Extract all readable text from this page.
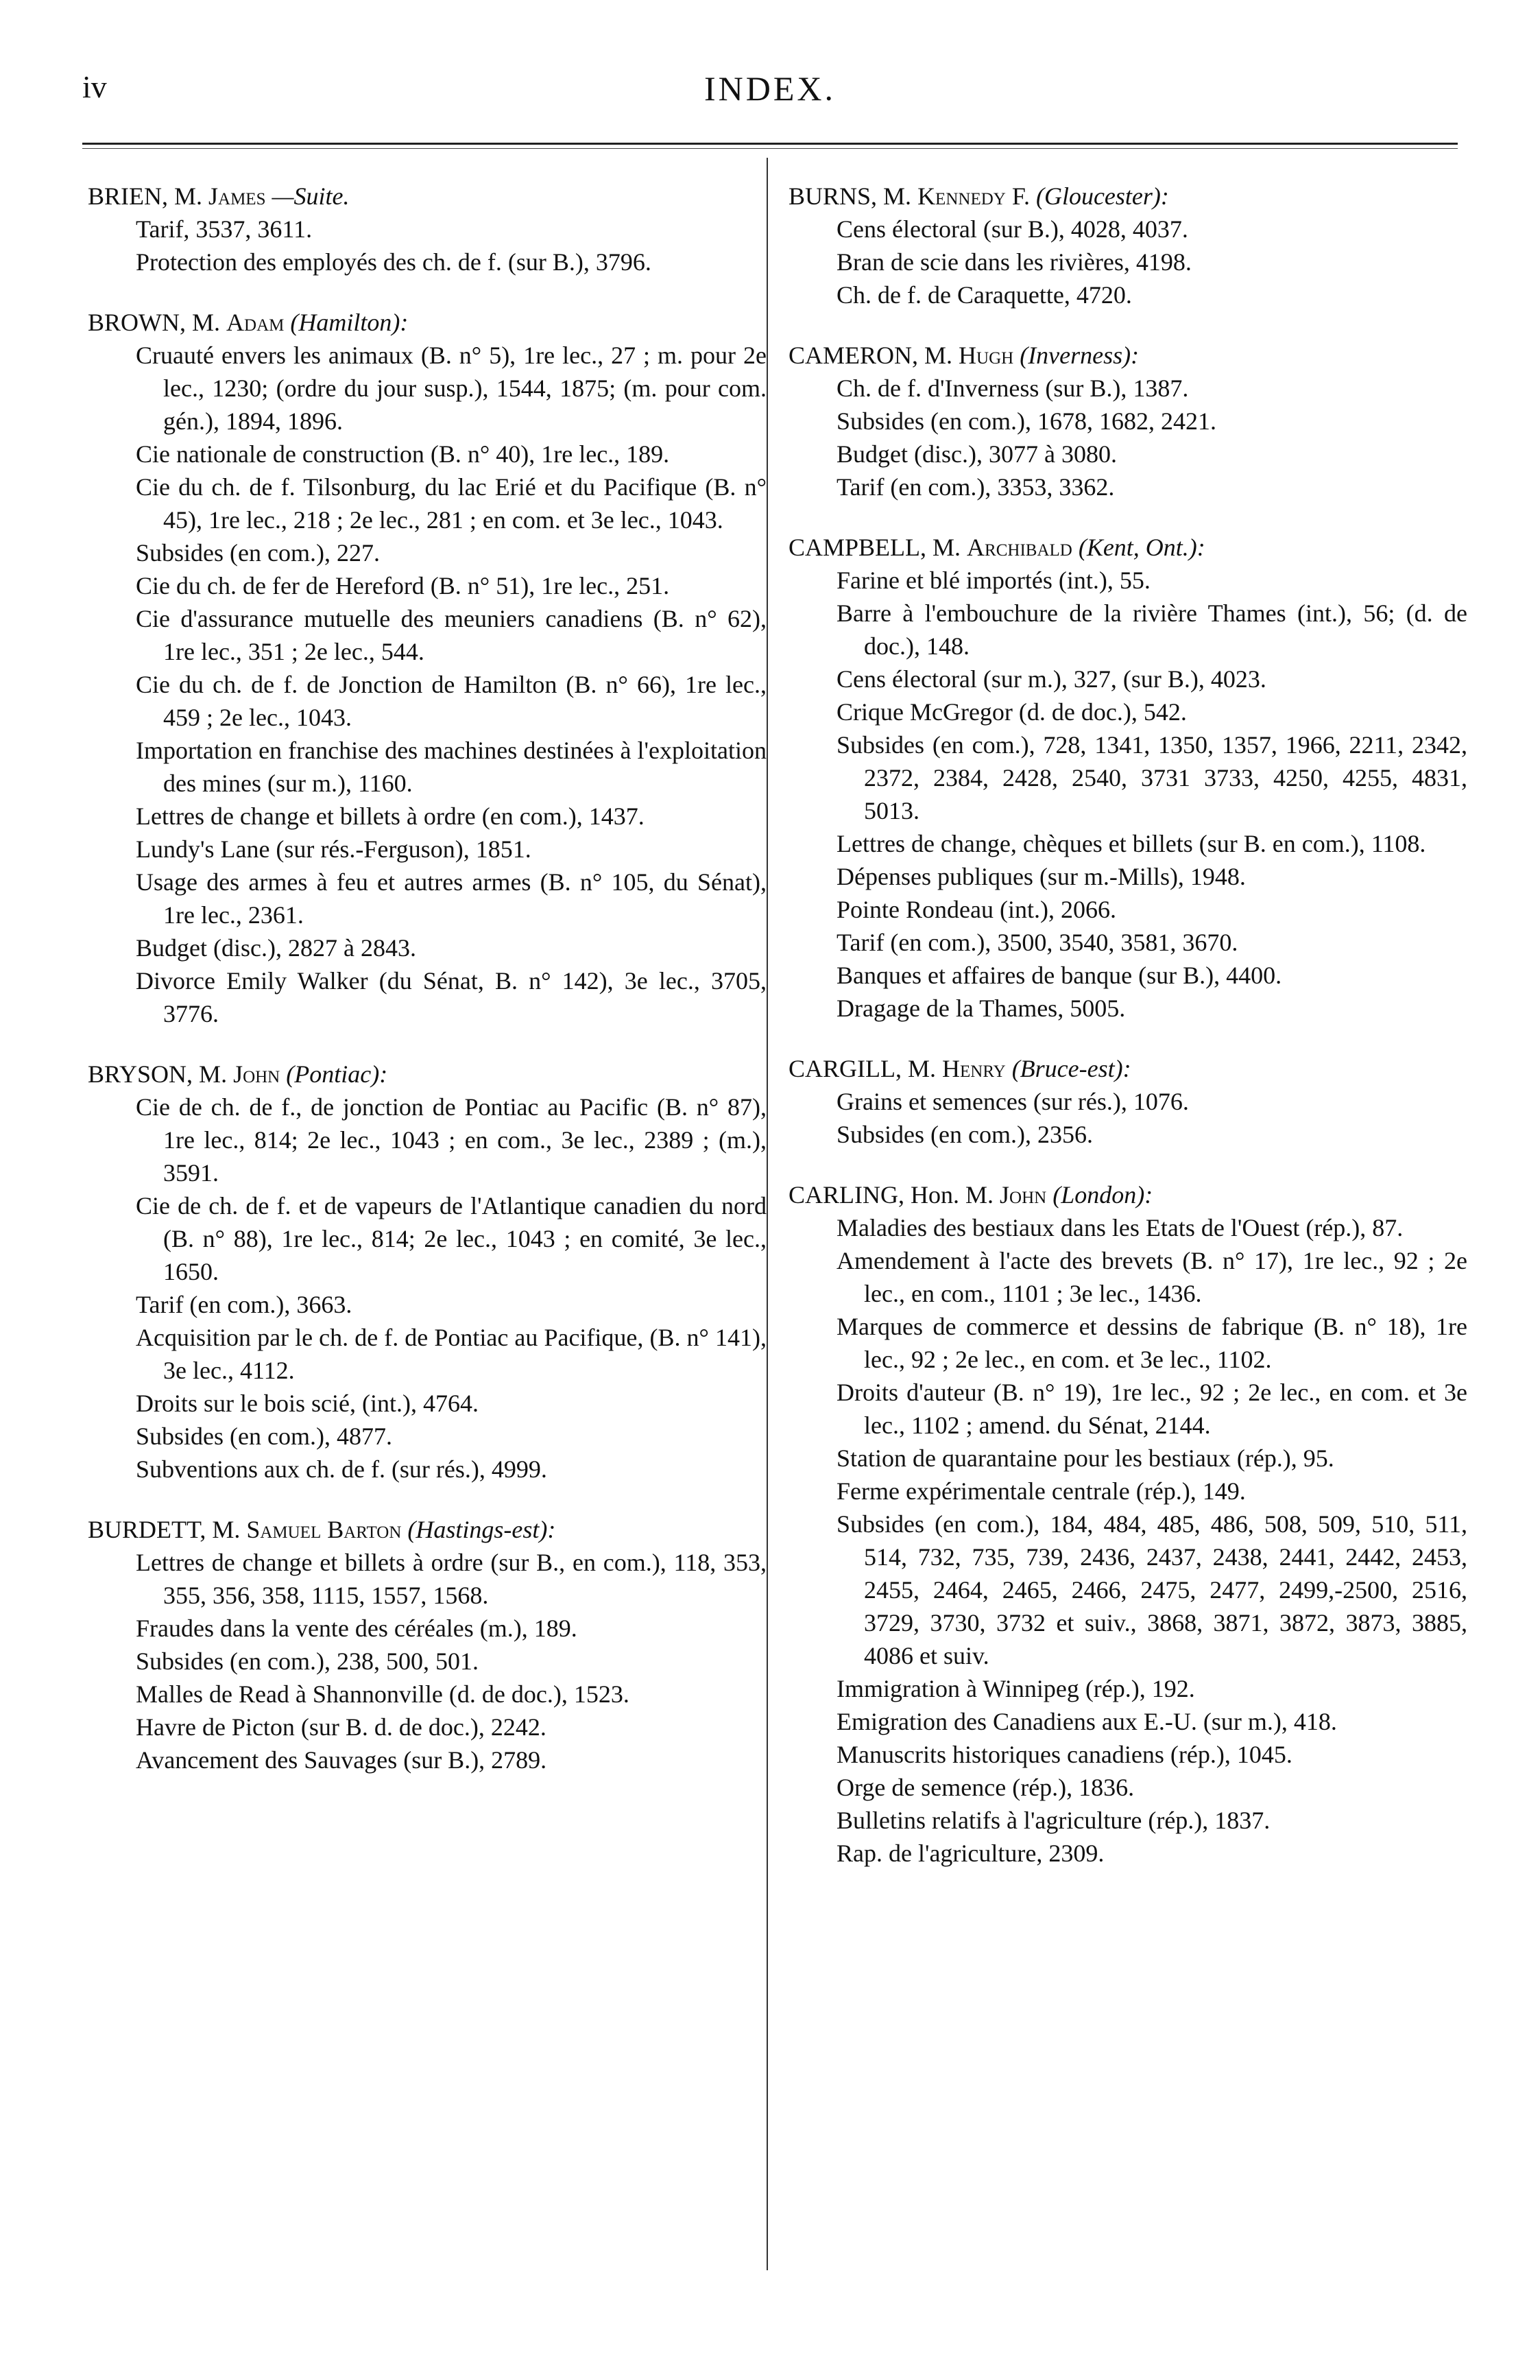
iv	INDEX.
BRIEN, M. James —Suite.
Tarif, 3537, 3611.
Protection des employés des ch. de f. (sur B.), 3796.
BROWN, M. Adam (Hamilton):
Cruauté envers les animaux (B. n° 5), 1re lec., 27 ; m. pour 2e lec., 1230; (ordre du jour susp.), 1544, 1875; (m. pour com. gén.), 1894, 1896.
Cie nationale de construction (B. n° 40), 1re lec., 189.
Cie du ch. de f. Tilsonburg, du lac Erié et du Pacifique (B. n° 45), 1re lec., 218 ; 2e lec., 281 ; en com. et 3e lec., 1043.
Subsides (en com.), 227.
Cie du ch. de fer de Hereford (B. n° 51), 1re lec., 251.
Cie d'assurance mutuelle des meuniers canadiens (B. n° 62), 1re lec., 351 ; 2e lec., 544.
Cie du ch. de f. de Jonction de Hamilton (B. n° 66), 1re lec., 459 ; 2e lec., 1043.
Importation en franchise des machines destinées à l'exploitation des mines (sur m.), 1160.
Lettres de change et billets à ordre (en com.), 1437.
Lundy's Lane (sur rés.-Ferguson), 1851.
Usage des armes à feu et autres armes (B. n° 105, du Sénat), 1re lec., 2361.
Budget (disc.), 2827 à 2843.
Divorce Emily Walker (du Sénat, B. n° 142), 3e lec., 3705, 3776.
BRYSON, M. John (Pontiac):
Cie de ch. de f., de jonction de Pontiac au Pacific (B. n° 87), 1re lec., 814; 2e lec., 1043 ; en com., 3e lec., 2389 ; (m.), 3591.
Cie de ch. de f. et de vapeurs de l'Atlantique canadien du nord (B. n° 88), 1re lec., 814; 2e lec., 1043 ; en comité, 3e lec., 1650.
Tarif (en com.), 3663.
Acquisition par le ch. de f. de Pontiac au Pacifique, (B. n° 141), 3e lec., 4112.
Droits sur le bois scié, (int.), 4764.
Subsides (en com.), 4877.
Subventions aux ch. de f. (sur rés.), 4999.
BURDETT, M. Samuel Barton (Hastings-est):
Lettres de change et billets à ordre (sur B., en com.), 118, 353, 355, 356, 358, 1115, 1557, 1568.
Fraudes dans la vente des céréales (m.), 189.
Subsides (en com.), 238, 500, 501.
Malles de Read à Shannonville (d. de doc.), 1523.
Havre de Picton (sur B. d. de doc.), 2242.
Avancement des Sauvages (sur B.), 2789.
BURNS, M. Kennedy F. (Gloucester):
Cens électoral (sur B.), 4028, 4037.
Bran de scie dans les rivières, 4198.
Ch. de f. de Caraquette, 4720.
CAMERON, M. Hugh (Inverness):
Ch. de f. d'Inverness (sur B.), 1387.
Subsides (en com.), 1678, 1682, 2421.
Budget (disc.), 3077 à 3080.
Tarif (en com.), 3353, 3362.
CAMPBELL, M. Archibald (Kent, Ont.):
Farine et blé importés (int.), 55.
Barre à l'embouchure de la rivière Thames (int.), 56; (d. de doc.), 148.
Cens électoral (sur m.), 327, (sur B.), 4023.
Crique McGregor (d. de doc.), 542.
Subsides (en com.), 728, 1341, 1350, 1357, 1966, 2211, 2342, 2372, 2384, 2428, 2540, 3731 3733, 4250, 4255, 4831, 5013.
Lettres de change, chèques et billets (sur B. en com.), 1108.
Dépenses publiques (sur m.-Mills), 1948.
Pointe Rondeau (int.), 2066.
Tarif (en com.), 3500, 3540, 3581, 3670.
Banques et affaires de banque (sur B.), 4400.
Dragage de la Thames, 5005.
CARGILL, M. Henry (Bruce-est):
Grains et semences (sur rés.), 1076.
Subsides (en com.), 2356.
CARLING, Hon. M. John (London):
Maladies des bestiaux dans les Etats de l'Ouest (rép.), 87.
Amendement à l'acte des brevets (B. n° 17), 1re lec., 92 ; 2e lec., en com., 1101 ; 3e lec., 1436.
Marques de commerce et dessins de fabrique (B. n° 18), 1re lec., 92 ; 2e lec., en com. et 3e lec., 1102.
Droits d'auteur (B. n° 19), 1re lec., 92 ; 2e lec., en com. et 3e lec., 1102 ; amend. du Sénat, 2144.
Station de quarantaine pour les bestiaux (rép.), 95.
Ferme expérimentale centrale (rép.), 149.
Subsides (en com.), 184, 484, 485, 486, 508, 509, 510, 511, 514, 732, 735, 739, 2436, 2437, 2438, 2441, 2442, 2453, 2455, 2464, 2465, 2466, 2475, 2477, 2499,-2500, 2516, 3729, 3730, 3732 et suiv., 3868, 3871, 3872, 3873, 3885, 4086 et suiv.
Immigration à Winnipeg (rép.), 192.
Emigration des Canadiens aux E.-U. (sur m.), 418.
Manuscrits historiques canadiens (rép.), 1045.
Orge de semence (rép.), 1836.
Bulletins relatifs à l'agriculture (rép.), 1837.
Rap. de l'agriculture, 2309.
